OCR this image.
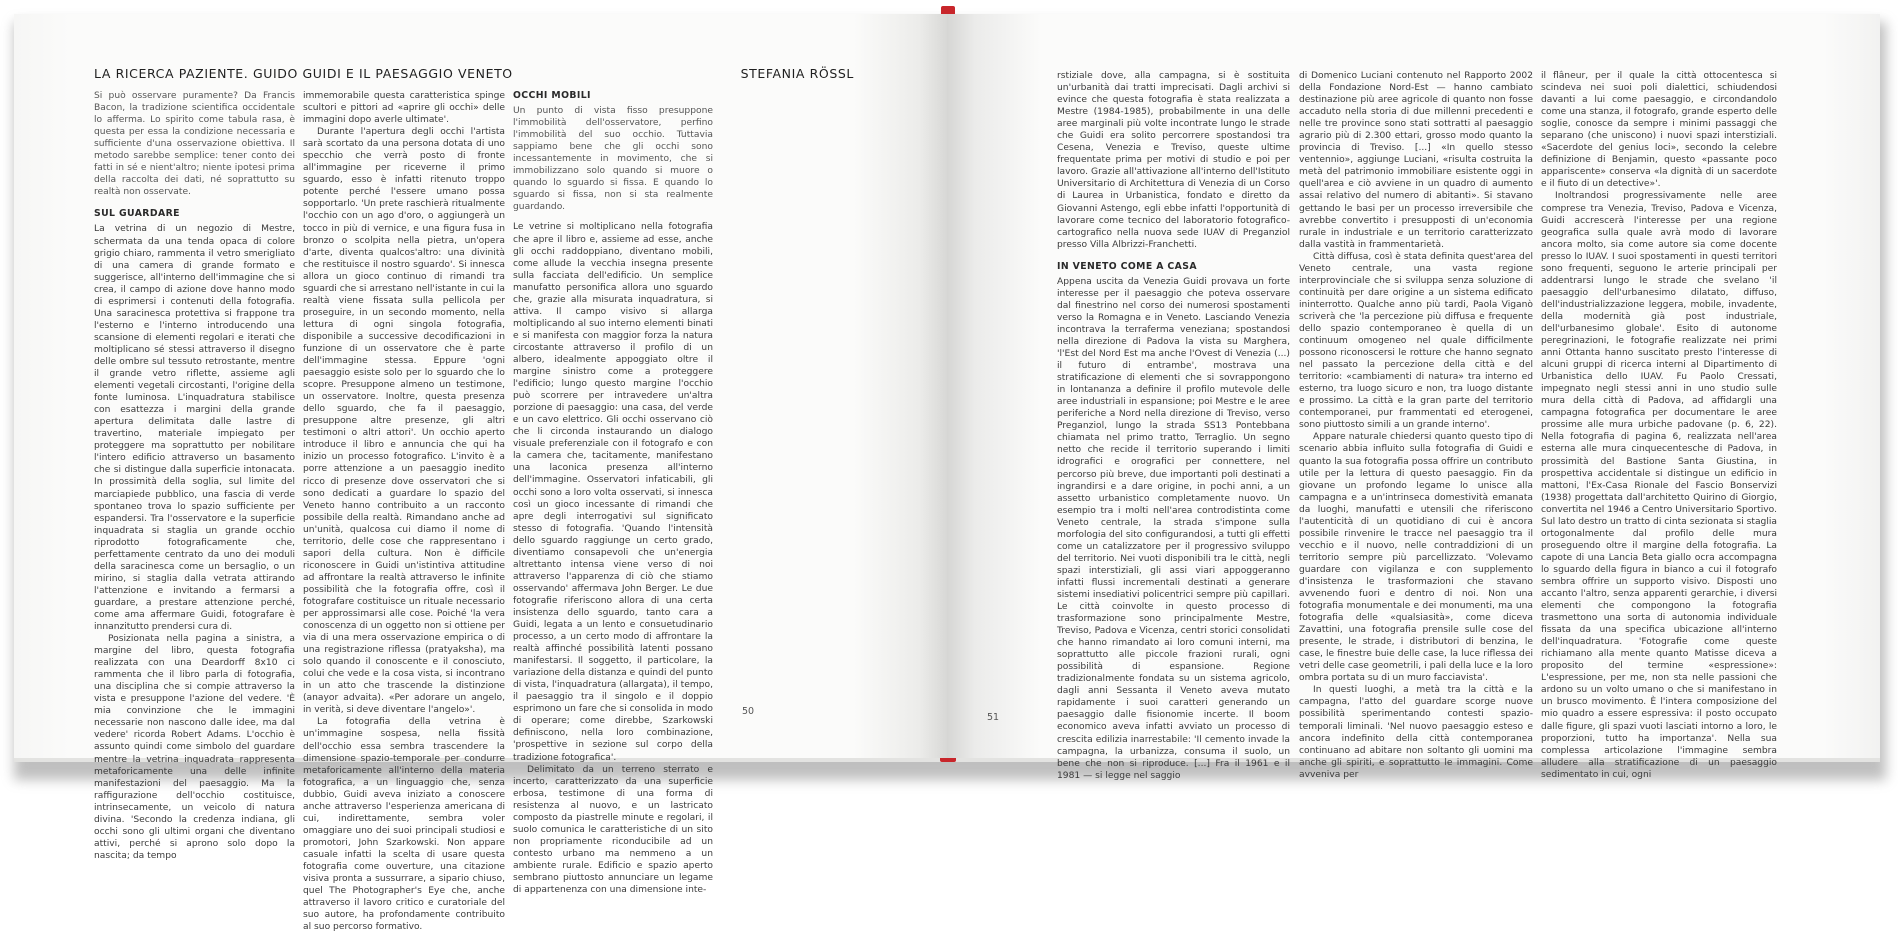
LA RICERCA PAZIENTE. GUIDO GUIDI E IL PAESAGGIO VENETO	STEFANIA RÖSSL

Si può osservare puramente? Da Francis Bacon, la tradizione scientifica occidentale lo afferma. Lo spirito come tabula rasa, è questa per essa la condizione necessaria e sufficiente d'una osservazione obiettiva. Il metodo sarebbe semplice: tener conto dei fatti in sé e nient'altro; niente ipotesi prima della raccolta dei dati, né soprattutto su realtà non osservate.

SUL GUARDARE

La vetrina di un negozio di Mestre, schermata da una tenda opaca di colore grigio chiaro, rammenta il vetro smerigliato di una camera di grande formato e suggerisce, all'interno dell'immagine che si crea, il campo di azione dove hanno modo di esprimersi i contenuti della fotografia. Una saracinesca protettiva si frappone tra l'esterno e l'interno introducendo una scansione di elementi regolari e iterati che moltiplicano sé stessi attraverso il disegno delle ombre sul tessuto retrostante, mentre il grande vetro riflette, assieme agli elementi vegetali circostanti, l'origine della fonte luminosa. L'inquadratura stabilisce con esattezza i margini della grande apertura delimitata dalle lastre di travertino, materiale impiegato per proteggere ma soprattutto per nobilitare l'intero edificio attraverso un basamento che si distingue dalla superficie intonacata. In prossimità della soglia, sul limite del marciapiede pubblico, una fascia di verde spontaneo trova lo spazio sufficiente per espandersi. Tra l'osservatore e la superficie inquadrata si staglia un grande occhio riprodotto fotograficamente che, perfettamente centrato da uno dei moduli della saracinesca come un bersaglio, o un mirino, si staglia dalla vetrata attirando l'attenzione e invitando a fermarsi a guardare, a prestare attenzione perché, come ama affermare Guidi, fotografare è innanzitutto prendersi cura di.

Posizionata nella pagina a sinistra, a margine del libro, questa fotografia realizzata con una Deardorff 8x10 ci rammenta che il libro parla di fotografia, una disciplina che si compie attraverso la vista e presuppone l'azione del vedere. 'È mia convinzione che le immagini necessarie non nascono dalle idee, ma dal vedere' ricorda Robert Adams. L'occhio è assunto quindi come simbolo del guardare mentre la vetrina inquadrata rappresenta metaforicamente una delle infinite manifestazioni del paesaggio. Ma la raffigurazione dell'occhio costituisce, intrinsecamente, un veicolo di natura divina. 'Secondo la credenza indiana, gli occhi sono gli ultimi organi che diventano attivi, perché si aprono solo dopo la nascita; da tempo

immemorabile questa caratteristica spinge scultori e pittori ad «aprire gli occhi» delle immagini dopo averle ultimate'.

Durante l'apertura degli occhi l'artista sarà scortato da una persona dotata di uno specchio che verrà posto di fronte all'immagine per riceverne il primo sguardo, esso è infatti ritenuto troppo potente perché l'essere umano possa sopportarlo. 'Un prete raschierà ritualmente l'occhio con un ago d'oro, o aggiungerà un tocco in più di vernice, e una figura fusa in bronzo o scolpita nella pietra, un'opera d'arte, diventa qualcos'altro: una divinità che restituisce il nostro sguardo'. Si innesca allora un gioco continuo di rimandi tra sguardi che si arrestano nell'istante in cui la realtà viene fissata sulla pellicola per proseguire, in un secondo momento, nella lettura di ogni singola fotografia, disponibile a successive decodificazioni in funzione di un osservatore che è parte dell'immagine stessa. Eppure 'ogni paesaggio esiste solo per lo sguardo che lo scopre. Presuppone almeno un testimone, un osservatore. Inoltre, questa presenza dello sguardo, che fa il paesaggio, presuppone altre presenze, gli altri testimoni o altri attori'. Un occhio aperto introduce il libro e annuncia che qui ha inizio un processo fotografico. L'invito è a porre attenzione a un paesaggio inedito ricco di presenze dove osservatori che si sono dedicati a guardare lo spazio del Veneto hanno contribuito a un racconto possibile della realtà. Rimandano anche ad un'unità, qualcosa cui diamo il nome di territorio, delle cose che rappresentano i sapori della cultura. Non è difficile riconoscere in Guidi un'istintiva attitudine ad affrontare la realtà attraverso le infinite possibilità che la fotografia offre, così il fotografare costituisce un rituale necessario per approssimarsi alle cose. Poiché 'la vera conoscenza di un oggetto non si ottiene per via di una mera osservazione empirica o di una registrazione riflessa (pratyaksha), ma solo quando il conoscente e il conosciuto, colui che vede e la cosa vista, si incontrano in un atto che trascende la distinzione (anayor advaita). «Per adorare un angelo, in verità, si deve diventare l'angelo»'.

La fotografia della vetrina è un'immagine sospesa, nella fissità dell'occhio essa sembra trascendere la dimensione spazio-temporale per condurre metaforicamente all'interno della materia fotografica, a un linguaggio che, senza dubbio, Guidi aveva iniziato a conoscere anche attraverso l'esperienza americana di cui, indirettamente, sembra voler omaggiare uno dei suoi principali studiosi e promotori, John Szarkowski. Non appare casuale infatti la scelta di usare questa fotografia come ouverture, una citazione visiva pronta a sussurrare, a sipario chiuso, quel The Photographer's Eye che, anche attraverso il lavoro critico e curatoriale del suo autore, ha profondamente contribuito al suo percorso formativo.

OCCHI MOBILI

Un punto di vista fisso presuppone l'immobilità dell'osservatore, perfino l'immobilità del suo occhio. Tuttavia sappiamo bene che gli occhi sono incessantemente in movimento, che si immobilizzano solo quando si muore o quando lo sguardo si fissa. E quando lo sguardo si fissa, non si sta realmente guardando.

Le vetrine si moltiplicano nella fotografia che apre il libro e, assieme ad esse, anche gli occhi raddoppiano, diventano mobili, come allude la vecchia insegna presente sulla facciata dell'edificio. Un semplice manufatto personifica allora uno sguardo che, grazie alla misurata inquadratura, si attiva. Il campo visivo si allarga moltiplicando al suo interno elementi binati e si manifesta con maggior forza la natura circostante attraverso il profilo di un albero, idealmente appoggiato oltre il margine sinistro come a proteggere l'edificio; lungo questo margine l'occhio può scorrere per intravedere un'altra porzione di paesaggio: una casa, del verde e un cavo elettrico. Gli occhi osservano ciò che li circonda instaurando un dialogo visuale preferenziale con il fotografo e con la camera che, tacitamente, manifestano una laconica presenza all'interno dell'immagine. Osservatori infaticabili, gli occhi sono a loro volta osservati, si innesca così un gioco incessante di rimandi che apre degli interrogativi sul significato stesso di fotografia. 'Quando l'intensità dello sguardo raggiunge un certo grado, diventiamo consapevoli che un'energia altrettanto intensa viene verso di noi attraverso l'apparenza di ciò che stiamo osservando' affermava John Berger. Le due fotografie riferiscono allora di una certa insistenza dello sguardo, tanto cara a Guidi, legata a un lento e consuetudinario processo, a un certo modo di affrontare la realtà affinché possibilità latenti possano manifestarsi. Il soggetto, il particolare, la variazione della distanza e quindi del punto di vista, l'inquadratura (allargata), il tempo, il paesaggio tra il singolo e il doppio esprimono un fare che si consolida in modo di operare; come direbbe, Szarkowski definiscono, nella loro combinazione, 'prospettive in sezione sul corpo della tradizione fotografica'.

Delimitato da un terreno sterrato e incerto, caratterizzato da una superficie erbosa, testimone di una forma di resistenza al nuovo, e un lastricato composto da piastrelle minute e regolari, il suolo comunica le caratteristiche di un sito non propriamente riconducibile ad un contesto urbano ma nemmeno a un ambiente rurale. Edificio e spazio aperto sembrano piuttosto annunciare un legame di appartenenza con una dimensione inte-

50

rstiziale dove, alla campagna, si è sostituita un'urbanità dai tratti imprecisati. Dagli archivi si evince che questa fotografia è stata realizzata a Mestre (1984-1985), probabilmente in una delle aree marginali più volte incontrate lungo le strade che Guidi era solito percorrere spostandosi tra Cesena, Venezia e Treviso, queste ultime frequentate prima per motivi di studio e poi per lavoro. Grazie all'attivazione all'interno dell'Istituto Universitario di Architettura di Venezia di un Corso di Laurea in Urbanistica, fondato e diretto da Giovanni Astengo, egli ebbe infatti l'opportunità di lavorare come tecnico del laboratorio fotografico-cartografico nella nuova sede IUAV di Preganziol presso Villa Albrizzi-Franchetti.

IN VENETO COME A CASA

Appena uscita da Venezia Guidi provava un forte interesse per il paesaggio che poteva osservare dal finestrino nel corso dei numerosi spostamenti verso la Romagna e in Veneto. Lasciando Venezia incontrava la terraferma veneziana; spostandosi nella direzione di Padova la vista su Marghera, 'l'Est del Nord Est ma anche l'Ovest di Venezia (...) il futuro di entrambe', mostrava una stratificazione di elementi che si sovrappongono in lontananza a definire il profilo mutevole delle aree industriali in espansione; poi Mestre e le aree periferiche a Nord nella direzione di Treviso, verso Preganziol, lungo la strada SS13 Pontebbana chiamata nel primo tratto, Terraglio. Un segno netto che recide il territorio superando i limiti idrografici e orografici per connettere, nel percorso più breve, due importanti poli destinati a ingrandirsi e a dare origine, in pochi anni, a un assetto urbanistico completamente nuovo. Un esempio tra i molti nell'area controdistinta come Veneto centrale, la strada s'impone sulla morfologia del sito configurandosi, a tutti gli effetti come un catalizzatore per il progressivo sviluppo del territorio. Nei vuoti disponibili tra le città, negli spazi interstiziali, gli assi viari appoggeranno infatti flussi incrementali destinati a generare sistemi insediativi policentrici sempre più capillari. Le città coinvolte in questo processo di trasformazione sono principalmente Mestre, Treviso, Padova e Vicenza, centri storici consolidati che hanno rimandato ai loro comuni interni, ma soprattutto alle piccole frazioni rurali, ogni possibilità di espansione. Regione tradizionalmente fondata su un sistema agricolo, dagli anni Sessanta il Veneto aveva mutato rapidamente i suoi caratteri generando un paesaggio dalle fisionomie incerte. Il boom economico aveva infatti avviato un processo di crescita edilizia inarrestabile: 'Il cemento invade la campagna, la urbanizza, consuma il suolo, un bene che non si riproduce. [...] Fra il 1961 e il 1981 — si legge nel saggio

di Domenico Luciani contenuto nel Rapporto 2002 della Fondazione Nord-Est — hanno cambiato destinazione più aree agricole di quanto non fosse accaduto nella storia di due millenni precedenti e nelle tre province sono stati sottratti al paesaggio agrario più di 2.300 ettari, grosso modo quanto la provincia di Treviso. [...] «In quello stesso ventennio», aggiunge Luciani, «risulta costruita la metà del patrimonio immobiliare esistente oggi in quell'area e ciò avviene in un quadro di aumento assai relativo del numero di abitanti». Si stavano gettando le basi per un processo irreversibile che avrebbe convertito i presupposti di un'economia rurale in industriale e un territorio caratterizzato dalla vastità in frammentarietà.

Città diffusa, così è stata definita quest'area del Veneto centrale, una vasta regione interprovinciale che si sviluppa senza soluzione di continuità per dare origine a un sistema edificato ininterrotto. Qualche anno più tardi, Paola Viganò scriverà che 'la percezione più diffusa e frequente dello spazio contemporaneo è quella di un continuum omogeneo nel quale difficilmente possono riconoscersi le rotture che hanno segnato nel passato la percezione della città e del territorio: «cambiamenti di natura» tra interno ed esterno, tra luogo sicuro e non, tra luogo distante e prossimo. La città e la gran parte del territorio contemporanei, pur frammentati ed eterogenei, sono piuttosto simili a un grande interno'.

Appare naturale chiedersi quanto questo tipo di scenario abbia influito sulla fotografia di Guidi e quanto la sua fotografia possa offrire un contributo utile per la lettura di questo paesaggio. Fin da giovane un profondo legame lo unisce alla campagna e a un'intrinseca domestività emanata da luoghi, manufatti e utensili che riferiscono l'autenticità di un quotidiano di cui è ancora possibile rinvenire le tracce nel paesaggio tra il vecchio e il nuovo, nelle contraddizioni di un territorio sempre più parcellizzato. 'Volevamo guardare con vigilanza e con supplemento d'insistenza le trasformazioni che stavano avvenendo fuori e dentro di noi. Non una fotografia monumentale e dei monumenti, ma una fotografia delle «qualsiasità», come diceva Zavattini, una fotografia prensile sulle cose del presente, le strade, i distributori di benzina, le case, le finestre buie delle case, la luce riflessa dei vetri delle case geometrili, i pali della luce e la loro ombra portata su di un muro facciavista'.

In questi luoghi, a metà tra la città e la campagna, l'atto del guardare scorge nuove possibilità sperimentando contesti spazio-temporali liminali. 'Nel nuovo paesaggio esteso e ancora indefinito della città contemporanea continuano ad abitare non soltanto gli uomini ma anche gli spiriti, e soprattutto le immagini. Come avveniva per

il flâneur, per il quale la città ottocentesca si scindeva nei suoi poli dialettici, schiudendosi davanti a lui come paesaggio, e circondandolo come una stanza, il fotografo, grande esperto delle soglie, conosce da sempre i minimi passaggi che separano (che uniscono) i nuovi spazi interstiziali. «Sacerdote del genius loci», secondo la celebre definizione di Benjamin, questo «passante poco appariscente» conserva «la dignità di un sacerdote e il fiuto di un detective»'.

Inoltrandosi progressivamente nelle aree comprese tra Venezia, Treviso, Padova e Vicenza, Guidi accrescerà l'interesse per una regione geografica sulla quale avrà modo di lavorare ancora molto, sia come autore sia come docente presso lo IUAV. I suoi spostamenti in questi territori sono frequenti, seguono le arterie principali per addentrarsi lungo le strade che svelano 'il paesaggio dell'urbanesimo dilatato, diffuso, dell'industrializzazione leggera, mobile, invadente, della modernità già post industriale, dell'urbanesimo globale'. Esito di autonome peregrinazioni, le fotografie realizzate nei primi anni Ottanta hanno suscitato presto l'interesse di alcuni gruppi di ricerca interni al Dipartimento di Urbanistica dello IUAV. Fu Paolo Cressati, impegnato negli stessi anni in uno studio sulle mura della città di Padova, ad affidargli una campagna fotografica per documentare le aree prossime alle mura urbiche padovane (p. 6, 22). Nella fotografia di pagina 6, realizzata nell'area esterna alle mura cinquecentesche di Padova, in prossimità del Bastione Santa Giustina, in prospettiva accidentale si distingue un edificio in mattoni, l'Ex-Casa Rionale del Fascio Bonservizi (1938) progettata dall'architetto Quirino di Giorgio, convertita nel 1946 a Centro Universitario Sportivo. Sul lato destro un tratto di cinta sezionata si staglia ortogonalmente dal profilo delle mura proseguendo oltre il margine della fotografia. La capote di una Lancia Beta giallo ocra accompagna lo sguardo della figura in bianco a cui il fotografo sembra offrire un supporto visivo. Disposti uno accanto l'altro, senza apparenti gerarchie, i diversi elementi che compongono la fotografia trasmettono una sorta di autonomia individuale fissata da una specifica ubicazione all'interno dell'inquadratura. 'Fotografie come queste richiamano alla mente quanto Matisse diceva a proposito del termine «espressione»: L'espressione, per me, non sta nelle passioni che ardono su un volto umano o che si manifestano in un brusco movimento. È l'intera composizione del mio quadro a essere espressiva: il posto occupato dalle figure, gli spazi vuoti lasciati intorno a loro, le proporzioni, tutto ha importanza'. Nella sua complessa articolazione l'immagine sembra alludere alla stratificazione di un paesaggio sedimentato in cui, ogni

51
